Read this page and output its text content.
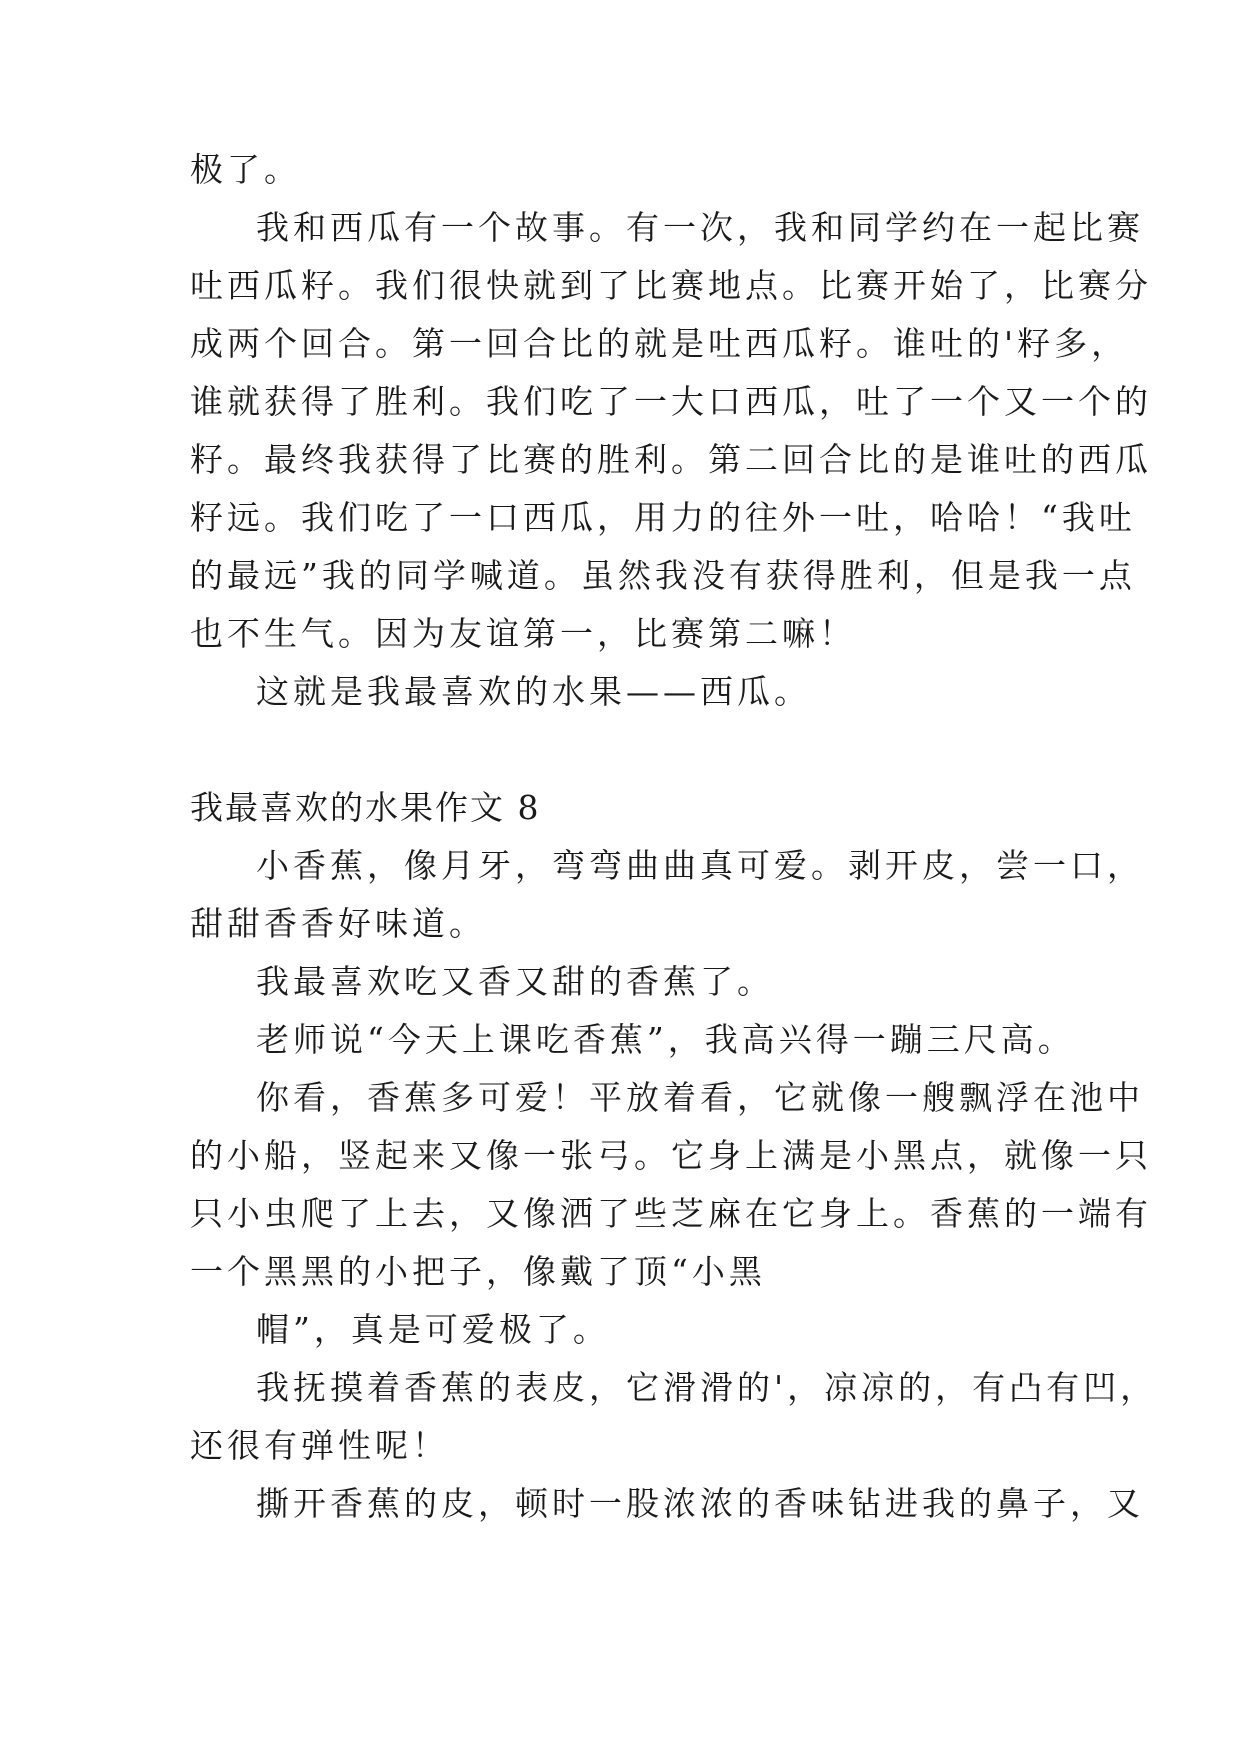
极了。
我和西瓜有一个故事。有一次，我和同学约在一起比赛
吐西瓜籽。我们很快就到了比赛地点。比赛开始了，比赛分
成两个回合。第一回合比的就是吐西瓜籽。谁吐的'籽多，
谁就获得了胜利。我们吃了一大口西瓜，吐了一个又一个的
籽。最终我获得了比赛的胜利。第二回合比的是谁吐的西瓜
籽远。我们吃了一口西瓜，用力的往外一吐，哈哈！“我吐
的最远”我的同学喊道。虽然我没有获得胜利，但是我一点
也不生气。因为友谊第一，比赛第二嘛！
这就是我最喜欢的水果——西瓜。
我最喜欢的水果作文 8
小香蕉，像月牙，弯弯曲曲真可爱。剥开皮，尝一口，
甜甜香香好味道。
我最喜欢吃又香又甜的香蕉了。
老师说“今天上课吃香蕉”，我高兴得一蹦三尺高。
你看，香蕉多可爱！平放着看，它就像一艘飘浮在池中
的小船，竖起来又像一张弓。它身上满是小黑点，就像一只
只小虫爬了上去，又像洒了些芝麻在它身上。香蕉的一端有
一个黑黑的小把子，像戴了顶“小黑
帽”，真是可爱极了。
我抚摸着香蕉的表皮，它滑滑的'，凉凉的，有凸有凹，
还很有弹性呢！
撕开香蕉的皮，顿时一股浓浓的香味钻进我的鼻子，又
